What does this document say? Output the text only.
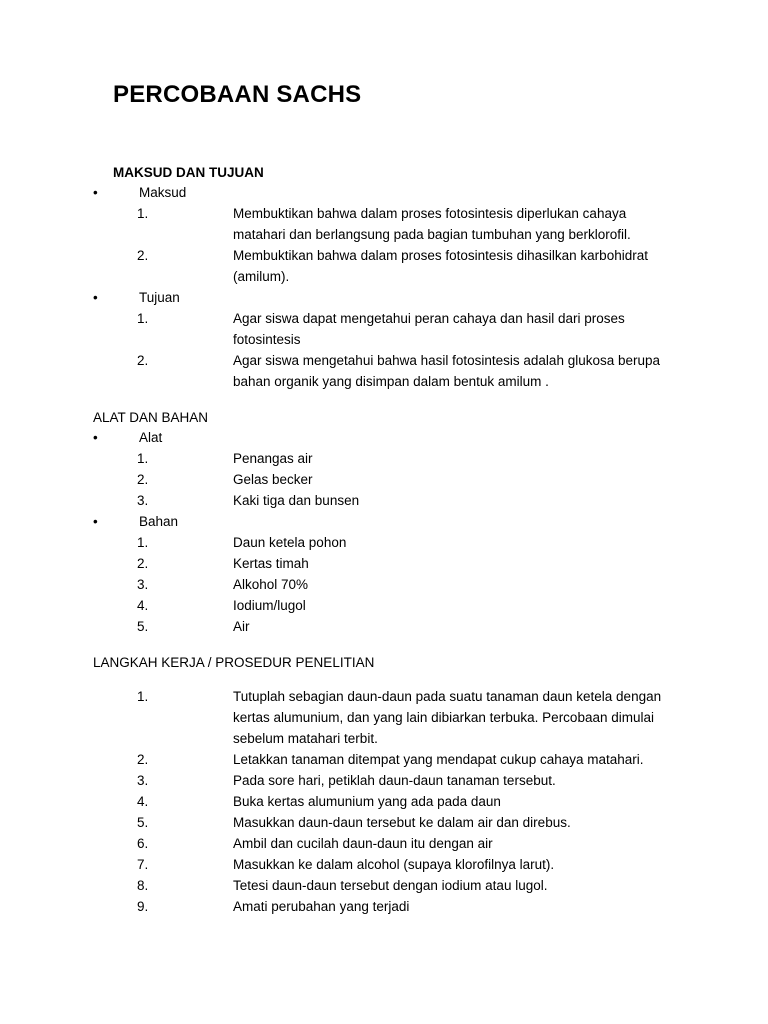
PERCOBAAN SACHS
MAKSUD DAN TUJUAN
•	Maksud
1.	Membuktikan bahwa dalam proses fotosintesis diperlukan cahaya matahari dan berlangsung pada bagian tumbuhan yang berklorofil.
2.	Membuktikan bahwa dalam proses fotosintesis dihasilkan karbohidrat (amilum).
•	Tujuan
1.	Agar siswa dapat mengetahui peran cahaya dan hasil dari proses fotosintesis
2.	Agar siswa mengetahui bahwa hasil fotosintesis adalah glukosa berupa bahan organik yang disimpan dalam bentuk amilum .
ALAT DAN BAHAN
•	Alat
1.	Penangas air
2.	Gelas becker
3.	Kaki tiga dan bunsen
•	Bahan
1.	Daun ketela pohon
2.	Kertas timah
3.	Alkohol 70%
4.	Iodium/lugol
5.	Air
LANGKAH KERJA / PROSEDUR PENELITIAN
1.	Tutuplah sebagian daun-daun pada suatu tanaman daun ketela dengan kertas alumunium, dan yang lain dibiarkan terbuka. Percobaan dimulai sebelum matahari terbit.
2.	Letakkan tanaman ditempat yang mendapat cukup cahaya matahari.
3.	Pada sore hari, petiklah daun-daun tanaman tersebut.
4.	Buka kertas alumunium yang ada pada daun
5.	Masukkan daun-daun tersebut ke dalam air dan direbus.
6.	Ambil dan cucilah daun-daun itu dengan air
7.	Masukkan ke dalam alcohol (supaya klorofilnya larut).
8.	Tetesi daun-daun tersebut dengan iodium atau lugol.
9.	Amati perubahan yang terjadi
